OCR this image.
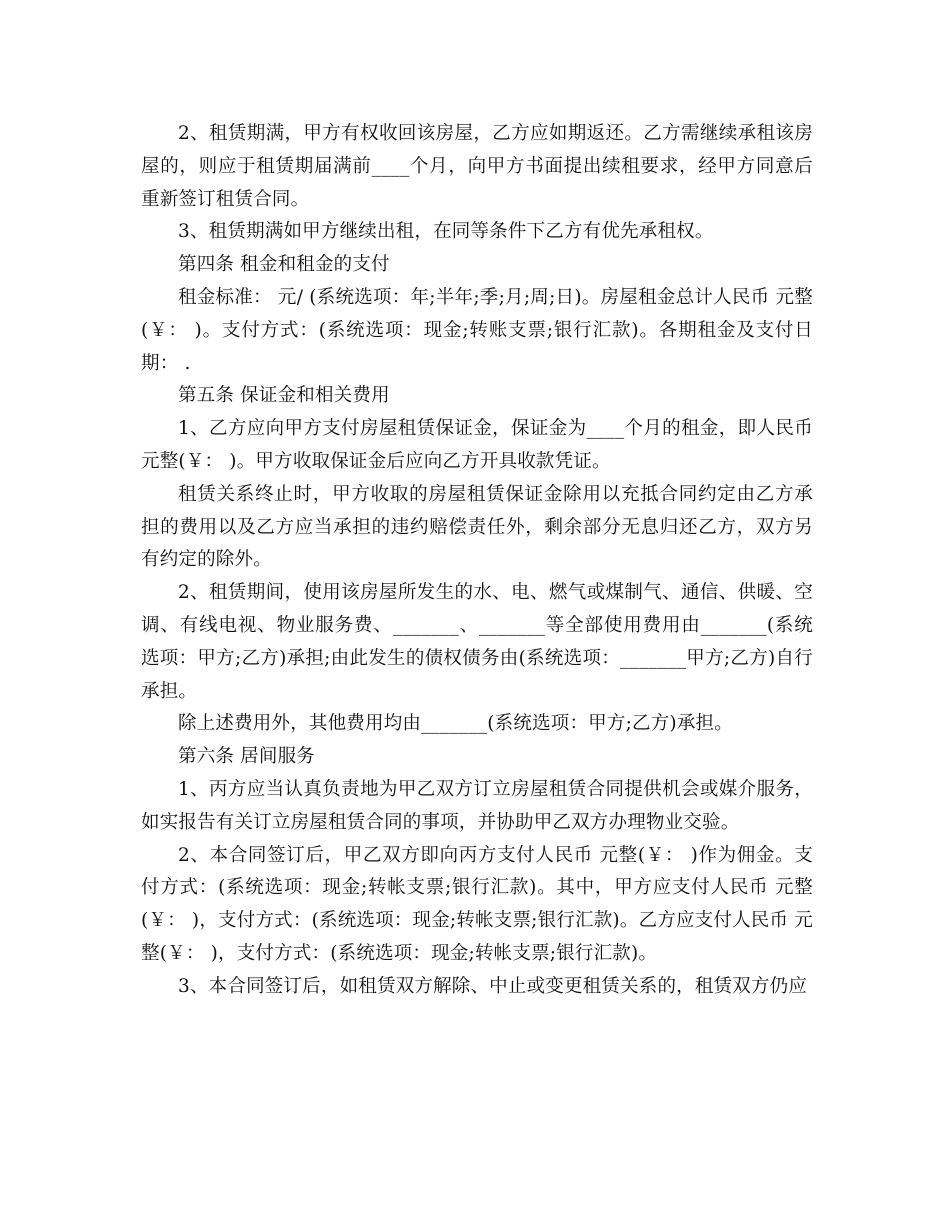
2、租赁期满，甲方有权收回该房屋，乙方应如期返还。乙方需继续承租该房屋的，则应于租赁期届满前____个月，向甲方书面提出续租要求，经甲方同意后重新签订租赁合同。

3、租赁期满如甲方继续出租，在同等条件下乙方有优先承租权。

第四条 租金和租金的支付

租金标准： 元/ (系统选项：年;半年;季;月;周;日)。房屋租金总计人民币 元整(￥： )。支付方式：(系统选项：现金;转账支票;银行汇款)。各期租金及支付日期： .

第五条 保证金和相关费用

1、乙方应向甲方支付房屋租赁保证金，保证金为____个月的租金，即人民币 元整(￥： )。甲方收取保证金后应向乙方开具收款凭证。

租赁关系终止时，甲方收取的房屋租赁保证金除用以充抵合同约定由乙方承担的费用以及乙方应当承担的违约赔偿责任外，剩余部分无息归还乙方，双方另有约定的除外。

2、租赁期间，使用该房屋所发生的水、电、燃气或煤制气、通信、供暖、空调、有线电视、物业服务费、_______、_______等全部使用费用由_______(系统选项：甲方;乙方)承担;由此发生的债权债务由(系统选项：_______甲方;乙方)自行承担。

除上述费用外，其他费用均由_______(系统选项：甲方;乙方)承担。

第六条 居间服务

1、丙方应当认真负责地为甲乙双方订立房屋租赁合同提供机会或媒介服务，如实报告有关订立房屋租赁合同的事项，并协助甲乙双方办理物业交验。

2、本合同签订后，甲乙双方即向丙方支付人民币 元整(￥： )作为佣金。支付方式：(系统选项：现金;转帐支票;银行汇款)。其中，甲方应支付人民币 元整(￥： )，支付方式：(系统选项：现金;转帐支票;银行汇款)。乙方应支付人民币 元整(￥： )，支付方式：(系统选项：现金;转帐支票;银行汇款)。

3、本合同签订后，如租赁双方解除、中止或变更租赁关系的，租赁双方仍应
